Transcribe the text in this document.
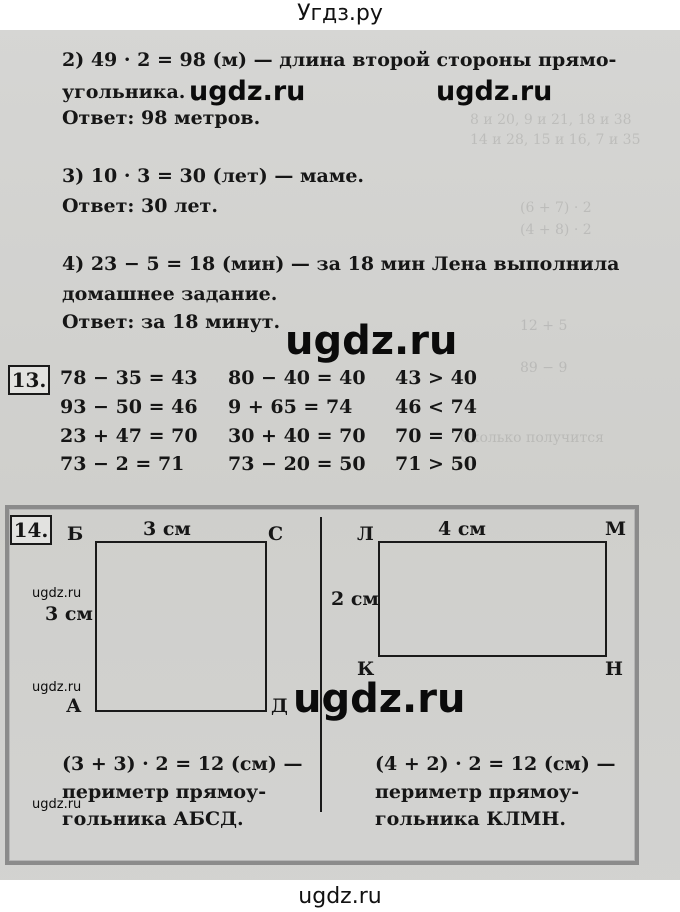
Угдз.ру
8 и 20, 9 и 21, 18 и 38
14 и 28, 15 и 16, 7 и 35
(6 + 7) · 2
(4 + 8) · 2
12 + 5
89 − 9
Сколько получится
2) 49 · 2 = 98 (м) — длина второй стороны прямо-
угольника.
Ответ: 98 метров.
3) 10 · 3 = 30 (лет) — маме.
Ответ: 30 лет.
4) 23 − 5 = 18 (мин) — за 18 мин Лена выполнила
домашнее задание.
Ответ: за 18 минут.
ugdz.ru	ugdz.ru
ugdz.ru
13. 78 − 35 = 43 80 − 40 = 40 43 > 40
93 − 50 = 46 9 + 65 = 74 46 < 74
23 + 47 = 70 30 + 40 = 70 70 = 70
73 − 2 = 71 73 − 20 = 50 71 > 50
14. Б	3 см	С
3 см
А	Д
(3 + 3) · 2 = 12 (см) —
периметр прямоу-
гольника АБСД.
Л	4 см	М
2 см
К	Н
(4 + 2) · 2 = 12 (см) —
периметр прямоу-
гольника КЛМН.
ugdz.ru
ugdz.ru
ugdz.ru
ugdz.ru
ugdz.ru
